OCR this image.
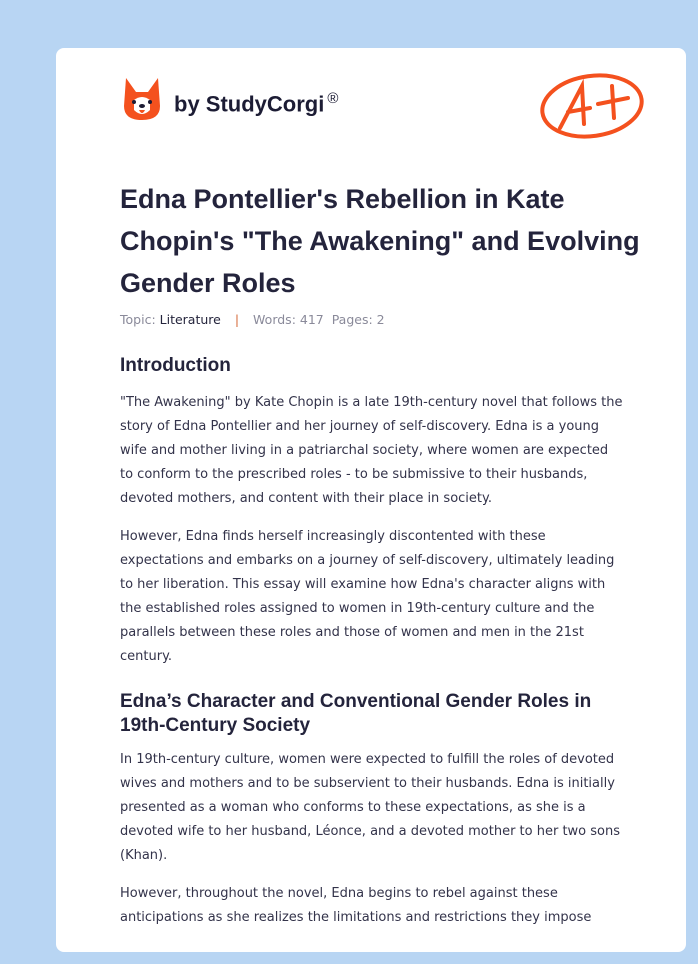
by StudyCorgi ®
Edna Pontellier's Rebellion in Kate Chopin's "The Awakening" and Evolving Gender Roles
Topic: Literature | Words: 417 Pages: 2
Introduction

"The Awakening" by Kate Chopin is a late 19th-century novel that follows the story of Edna Pontellier and her journey of self-discovery. Edna is a young wife and mother living in a patriarchal society, where women are expected to conform to the prescribed roles - to be submissive to their husbands, devoted mothers, and content with their place in society.

However, Edna finds herself increasingly discontented with these expectations and embarks on a journey of self-discovery, ultimately leading to her liberation. This essay will examine how Edna's character aligns with the established roles assigned to women in 19th-century culture and the parallels between these roles and those of women and men in the 21st century.

Edna’s Character and Conventional Gender Roles in 19th-Century Society

In 19th-century culture, women were expected to fulfill the roles of devoted wives and mothers and to be subservient to their husbands. Edna is initially presented as a woman who conforms to these expectations, as she is a devoted wife to her husband, Léonce, and a devoted mother to her two sons (Khan).

However, throughout the novel, Edna begins to rebel against these anticipations as she realizes the limitations and restrictions they impose
